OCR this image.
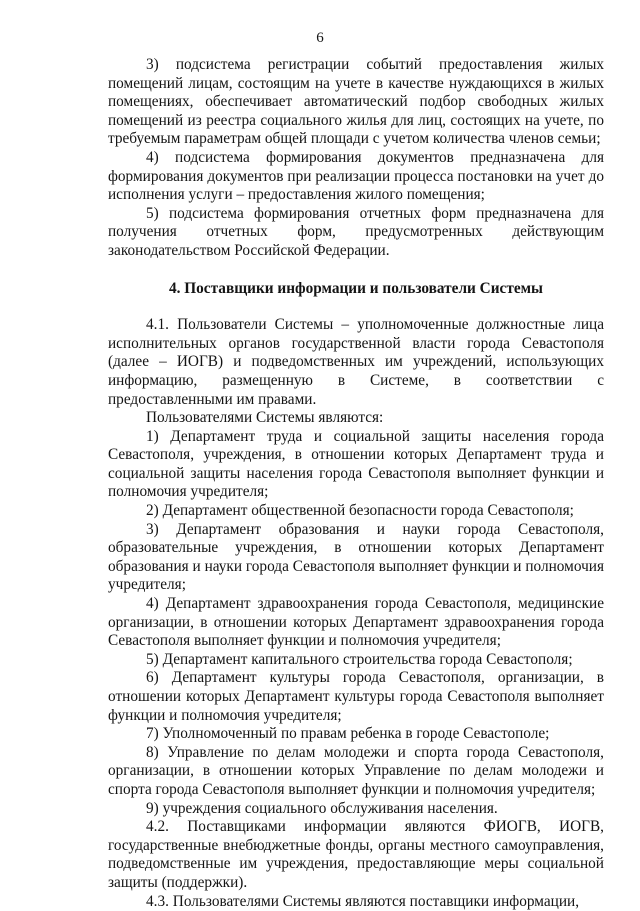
6

3) подсистема регистрации событий предоставления жилых помещений лицам, состоящим на учете в качестве нуждающихся в жилых помещениях, обеспечивает автоматический подбор свободных жилых помещений из реестра социального жилья для лиц, состоящих на учете, по требуемым параметрам общей площади с учетом количества членов семьи;

4) подсистема формирования документов предназначена для формирования документов при реализации процесса постановки на учет до исполнения услуги – предоставления жилого помещения;

5) подсистема формирования отчетных форм предназначена для получения отчетных форм, предусмотренных действующим законодательством Российской Федерации.

4. Поставщики информации и пользователи Системы

4.1. Пользователи Системы – уполномоченные должностные лица исполнительных органов государственной власти города Севастополя (далее – ИОГВ) и подведомственных им учреждений, использующих информацию, размещенную в Системе, в соответствии с предоставленными им правами.

Пользователями Системы являются:

1) Департамент труда и социальной защиты населения города Севастополя, учреждения, в отношении которых Департамент труда и социальной защиты населения города Севастополя выполняет функции и полномочия учредителя;

2) Департамент общественной безопасности города Севастополя;

3) Департамент образования и науки города Севастополя, образовательные учреждения, в отношении которых Департамент образования и науки города Севастополя выполняет функции и полномочия учредителя;

4) Департамент здравоохранения города Севастополя, медицинские организации, в отношении которых Департамент здравоохранения города Севастополя выполняет функции и полномочия учредителя;

5) Департамент капитального строительства города Севастополя;

6) Департамент культуры города Севастополя, организации, в отношении которых Департамент культуры города Севастополя выполняет функции и полномочия учредителя;

7) Уполномоченный по правам ребенка в городе Севастополе;

8) Управление по делам молодежи и спорта города Севастополя, организации, в отношении которых Управление по делам молодежи и спорта города Севастополя выполняет функции и полномочия учредителя;

9) учреждения социального обслуживания населения.

4.2. Поставщиками информации являются ФИОГВ, ИОГВ, государственные внебюджетные фонды, органы местного самоуправления, подведомственные им учреждения, предоставляющие меры социальной защиты (поддержки).

4.3. Пользователями Системы являются поставщики информации,
